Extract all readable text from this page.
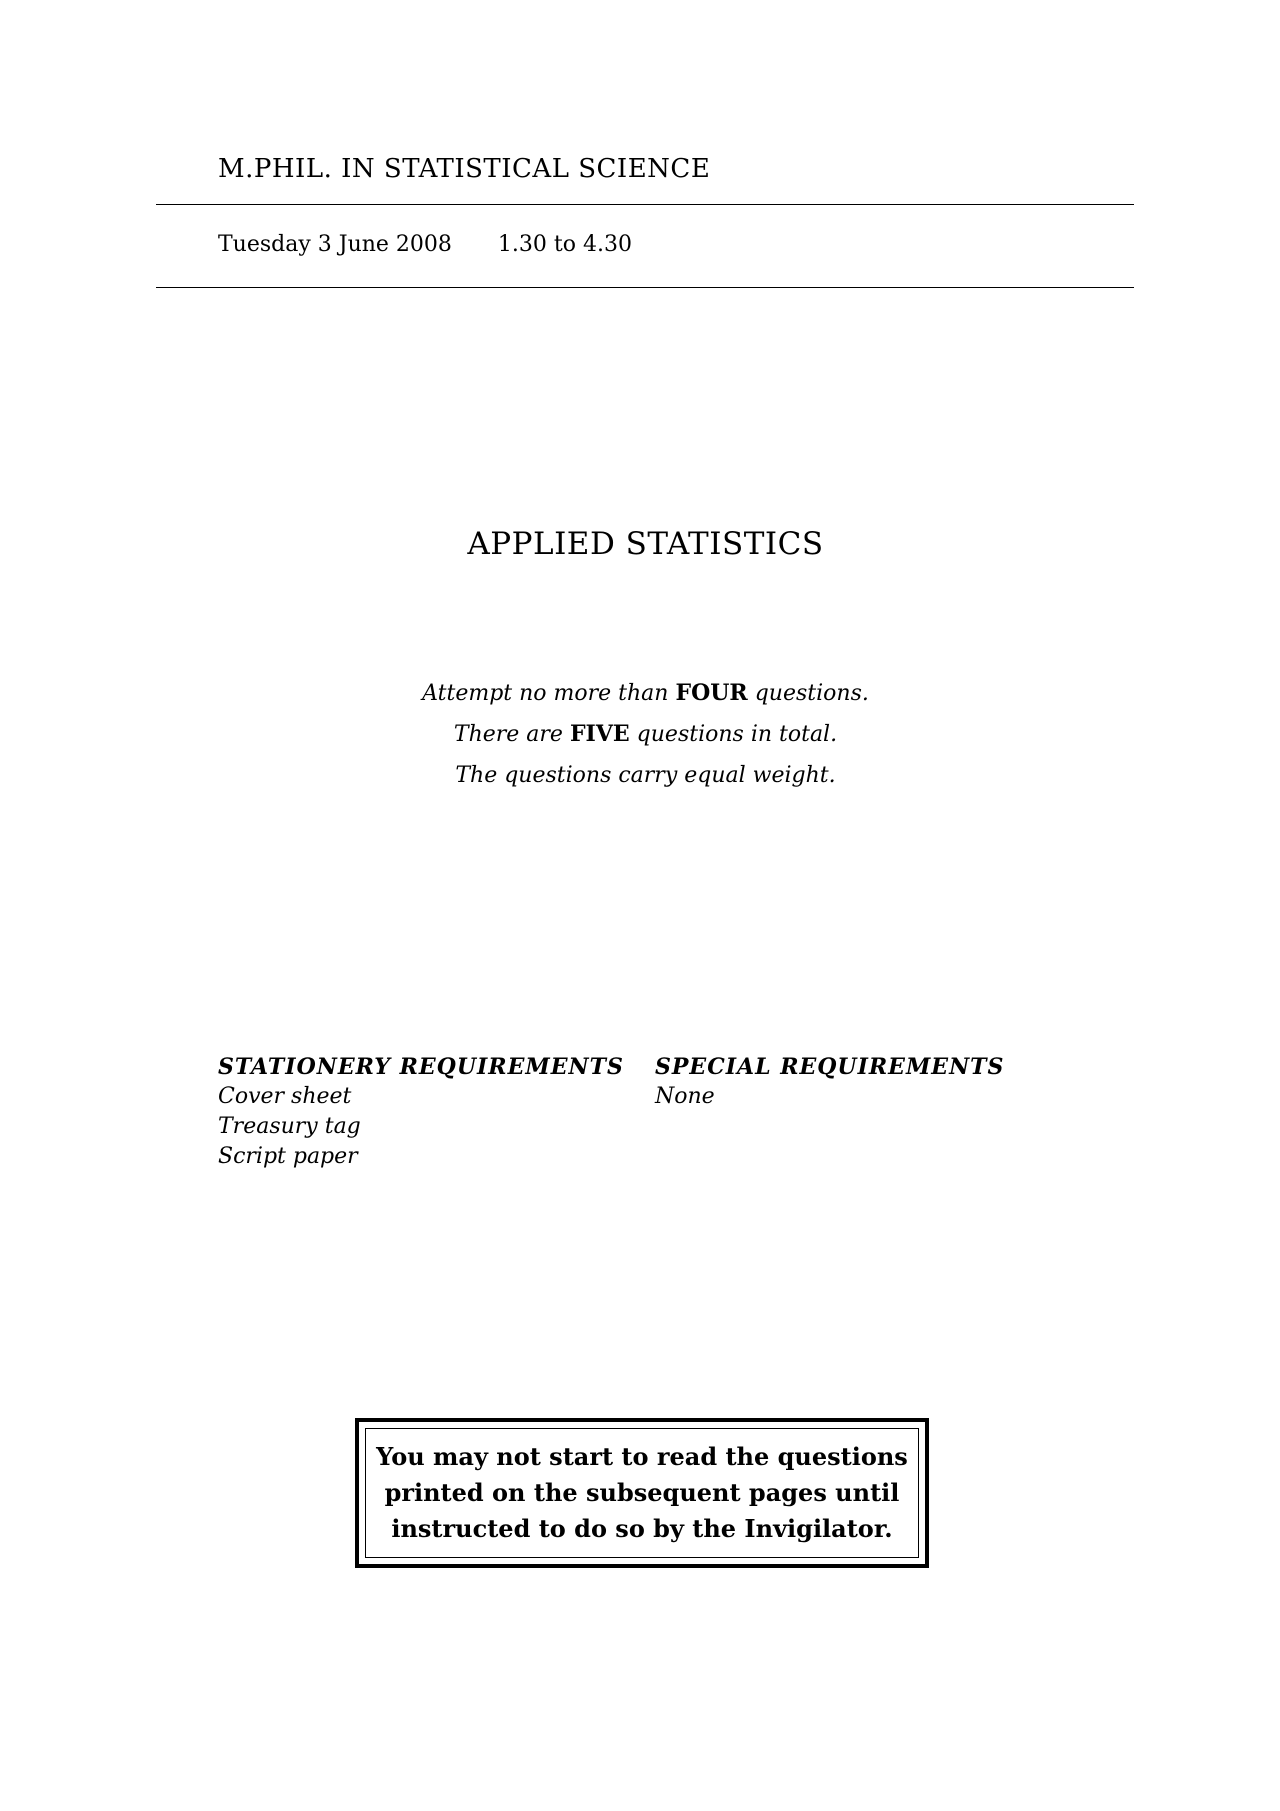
M.PHIL. IN STATISTICAL SCIENCE
Tuesday 3 June 2008 1.30 to 4.30
APPLIED STATISTICS
Attempt no more than FOUR questions.
There are FIVE questions in total.
The questions carry equal weight.
STATIONERY REQUIREMENTS
Cover sheet
Treasury tag
Script paper
SPECIAL REQUIREMENTS
None
You may not start to read the questions
printed on the subsequent pages until
instructed to do so by the Invigilator.
